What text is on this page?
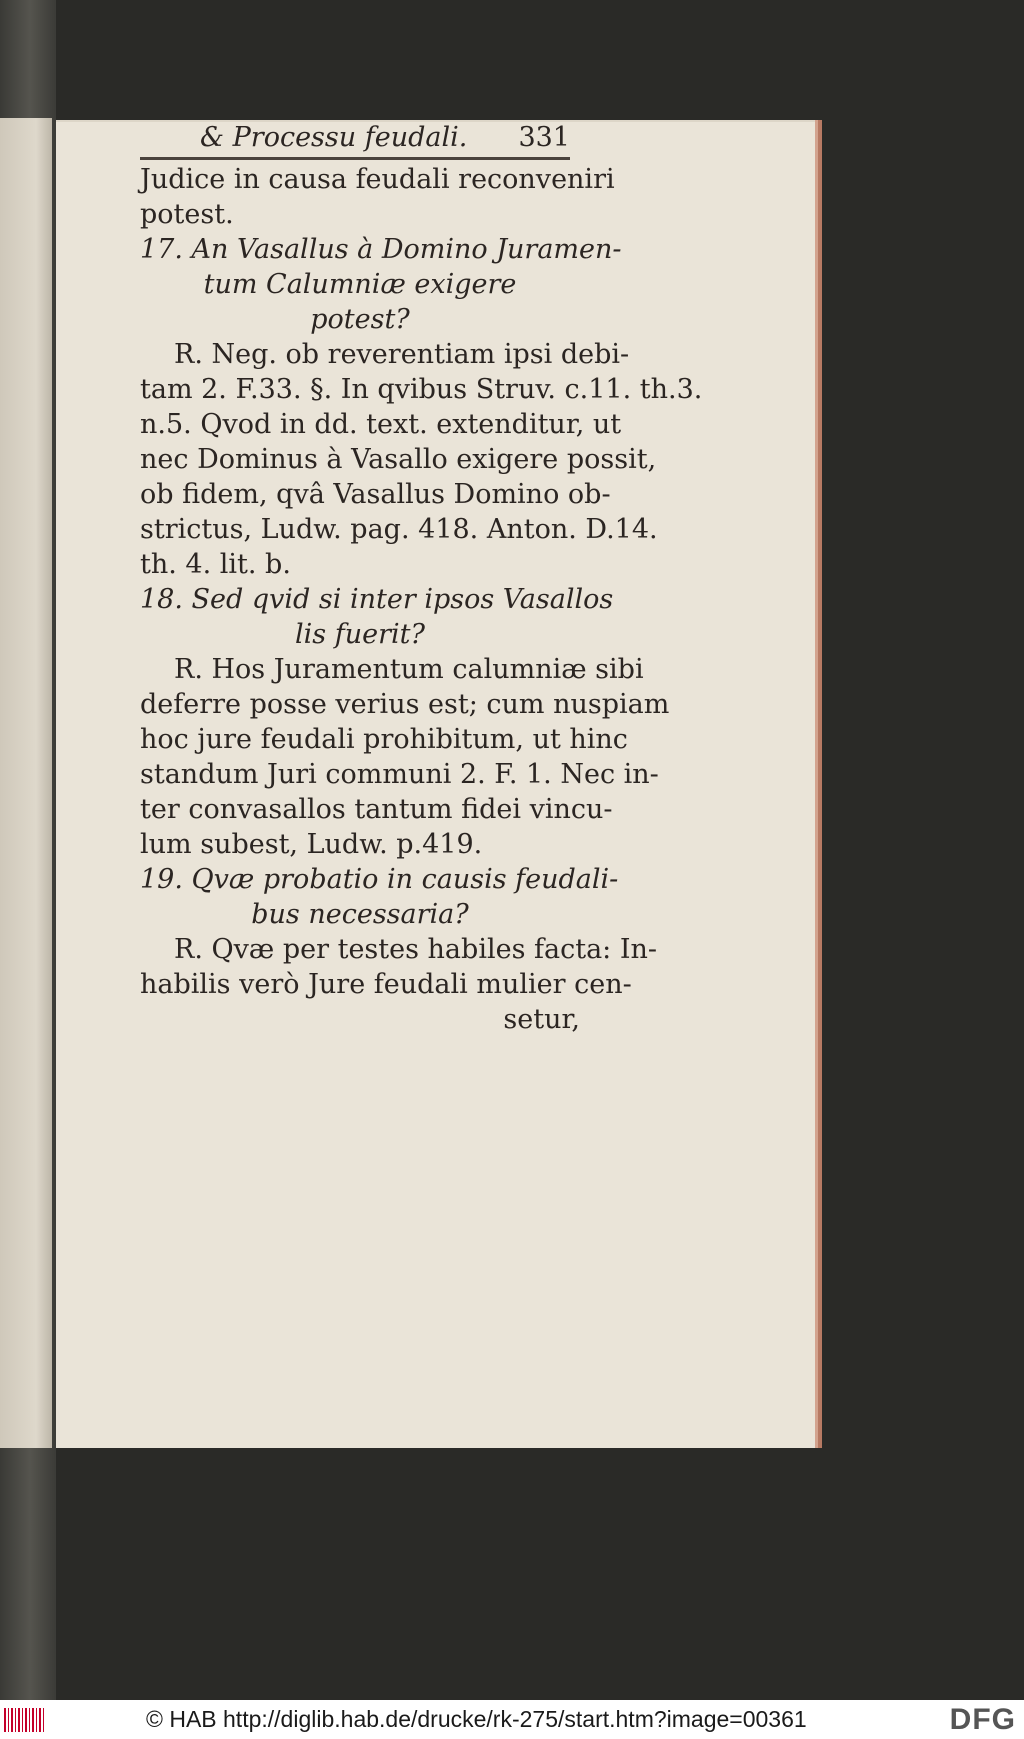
& Processu feudali. 331
Judice in causa feudali reconveniri
potest.
17. An Vasallus à Domino Juramen-
tum Calumniæ exigere
potest?
R. Neg. ob reverentiam ipsi debi-
tam 2. F.33. §. In qvibus Struv. c.11. th.3.
n.5. Qvod in dd. text. extenditur, ut
nec Dominus à Vasallo exigere possit,
ob fidem, qvâ Vasallus Domino ob-
strictus, Ludw. pag. 418. Anton. D.14.
th. 4. lit. b.
18. Sed qvid si inter ipsos Vasallos
lis fuerit?
R. Hos Juramentum calumniæ sibi
deferre posse verius est; cum nuspiam
hoc jure feudali prohibitum, ut hinc
standum Juri communi 2. F. 1. Nec in-
ter convasallos tantum fidei vincu-
lum subest, Ludw. p.419.
19. Qvæ probatio in causis feudali-
bus necessaria?
R. Qvæ per testes habiles facta: In-
habilis verò Jure feudali mulier cen-
setur,
© HAB http://diglib.hab.de/drucke/rk-275/start.htm?image=00361	DFG
